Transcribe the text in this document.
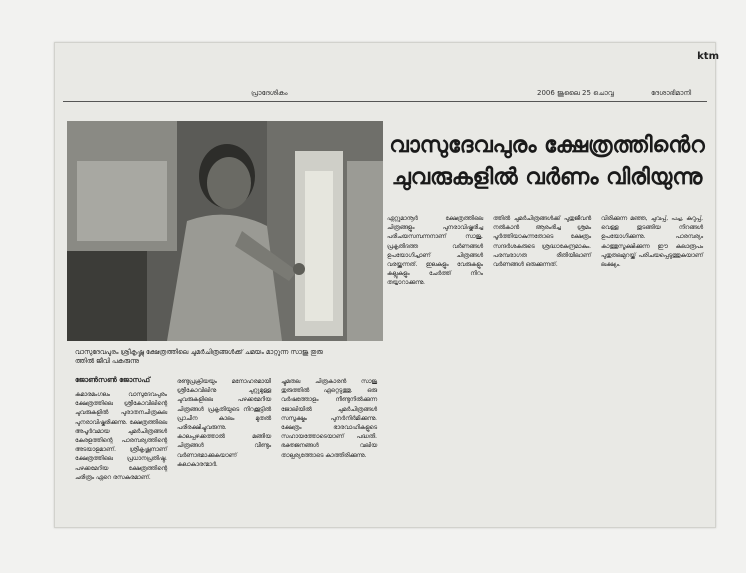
പ്രാദേശികം	2006 ജൂലൈ 25 ചൊവ്വ	ദേശാഭിമാനി
ktm
വാസുദേവപുരം ശ്രീകൃഷ്ണ ക്ഷേത്രത്തിലെ ചുമർചിത്രങ്ങൾക്ക് ചമയം മാറ്റുന്ന സാജു തുരു
ത്തിൽ ജീവി പകരുന്നു
വാസുദേവപുരം ക്ഷേത്രത്തിൻെറ
ചുവരുകളിൽ വർണം വിരിയുന്നു
ജോൺസൺ ജോസഫ്
കുമാരമംഗലം വാസുദേവപുരം ക്ഷേത്രത്തിലെ ശ്രീകോവിലിന്റെ ചുവരുകളിൽ പുരാതനചിത്രകല പുനരാവിഷ്കരിക്കുന്നു. ക്ഷേത്രത്തിലെ അപൂർവമായ ചുമർചിത്രങ്ങൾ കേരളത്തിന്റെ പാരമ്പര്യത്തിന്റെ അടയാളമാണ്. ശ്രീകൃഷ്ണനാണ് ക്ഷേത്രത്തിലെ പ്രധാനപ്രതിഷ്ഠ. പഴക്കമേറിയ ക്ഷേത്രത്തിന്റെ ചരിത്രം ഏറെ രസകരമാണ്.
രണ്ടുപ്രക്രിയയും മനോഹരമായി ശ്രീകോവിലിനു ചുറ്റുമുള്ള ചുവരുകളിലെ പഴക്കമേറിയ ചിത്രങ്ങൾ പ്രകൃതിയുടെ നിറക്കൂട്ടിൽ പ്രാചീന കാലം മുതൽ പരിരക്ഷിച്ചുവരുന്നു. കാലപ്പഴക്കത്താൽ മങ്ങിയ ചിത്രങ്ങൾ വീണ്ടും വർണാഭമാക്കുകയാണ് കലാകാരന്മാർ.
ച്ചുമതല ചിത്രകാരൻ സാജു തുരുത്തിൽ ഏറ്റെടുത്തു. ഒരു വർഷത്തോളം നീണ്ടുനിൽക്കുന്ന ജോലിയിൽ ചുമർചിത്രങ്ങൾ സസൂക്ഷ്മം പുനർനിർമിക്കുന്നു. ക്ഷേത്രം ഭാരവാഹികളുടെ സഹായത്തോടെയാണ് പദ്ധതി. ഭക്തജനങ്ങൾ വലിയ താല്പര്യത്തോടെ കാത്തിരിക്കുന്നു.
ഏറ്റുമാനൂർ ക്ഷേത്രത്തിലെ ചിത്രങ്ങളും പുനരാവിഷ്കരിച്ച പരിചയസമ്പന്നനാണ് സാജു. പ്രകൃതിദത്ത വർണങ്ങൾ ഉപയോഗിച്ചാണ് ചിത്രങ്ങൾ വരയ്ക്കുന്നത്. ഇലകളും വേരുകളും കല്ലുകളും ചേർത്ത് നിറം തയ്യാറാക്കുന്നു.
ത്തിൽ ചുമർചിത്രങ്ങൾക്ക് പുതുജീവൻ നൽകാൻ ആരംഭിച്ച ശ്രമം പൂർത്തിയാകുന്നതോടെ ക്ഷേത്രം സന്ദർശകരുടെ ശ്രദ്ധാകേന്ദ്രമാകും. പരമ്പരാഗത രീതിയിലാണ് വർണങ്ങൾ ഒരുക്കുന്നത്.
വിരിക്കുന്ന മഞ്ഞ, ചുവപ്പ്, പച്ച, കറുപ്പ്, വെള്ള തുടങ്ങിയ നിറങ്ങൾ ഉപയോഗിക്കുന്നു. പാരമ്പര്യം കാത്തുസൂക്ഷിക്കുന്ന ഈ കലാരൂപം പുതുതലമുറയ്ക്ക് പരിചയപ്പെടുത്തുകയാണ് ലക്ഷ്യം.
